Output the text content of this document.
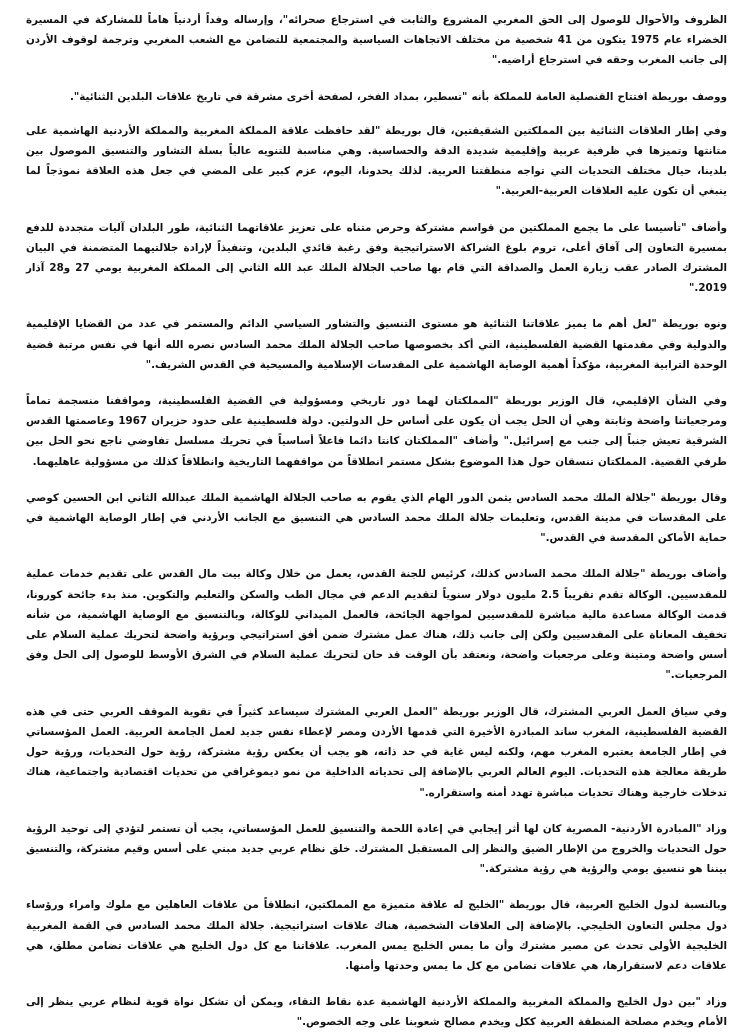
الظروف والأحوال للوصول إلى الحق المغربي المشروع والثابت في استرجاع صحرائه"، وإرساله وفداً أردنياً هاماً للمشاركة في المسيرة الخضراء عام 1975 يتكون من 41 شخصية من مختلف الاتجاهات السياسية والمجتمعية للتضامن مع الشعب المغربي وترجمة لوقوف الأردن إلى جانب المغرب وحقه في استرجاع أراضيه."

ووصف بوريطة افتتاح القنصلية العامة للمملكة بأنه "تسطير، بمداد الفخر، لصفحة أخرى مشرقة في تاريخ علاقات البلدين الثنائية".

وفي إطار العلاقات الثنائية بين المملكتين الشقيقتين، قال بوريطة "لقد حافظت علاقة المملكة المغربية والمملكة الأردنية الهاشمية على متانتها وتميزها في ظرفية عربية وإقليمية شديدة الدقة والحساسية. وهي مناسبة للتنويه عالياً بسلة التشاور والتنسيق الموصول بين بلدينا، حيال مختلف التحديات التي تواجه منطقتنا العربية. لذلك يحدونا، اليوم، عزم كبير على المضي في جعل هذه العلاقة نموذجاً لما ينبغي أن تكون عليه العلاقات العربية-العربية."

وأضاف "تأسيسا على ما يجمع المملكتين من قواسم مشتركة وحرص متناه على تعزيز علاقاتهما الثنائية، طور البلدان آليات متجددة للدفع بمسيرة التعاون إلى آفاق أعلى، تروم بلوغ الشراكة الاستراتيجية وفق رغبة قائدي البلدين، وتنفيذاً لإرادة جلالتيهما المتضمنة في البيان المشترك الصادر عقب زيارة العمل والصداقة التي قام بها صاحب الجلالة الملك عبد الله الثاني إلى المملكة المغربية يومي 27 و28 آذار 2019."

ونوه بوريطة "لعل أهم ما يميز علاقاتنا الثنائية هو مستوى التنسيق والتشاور السياسي الدائم والمستمر في عدد من القضايا الإقليمية والدولية وفي مقدمتها القضية الفلسطينية، التي أكد بخصوصها صاحب الجلالة الملك محمد السادس نصره الله أنها في نفس مرتبة قضية الوحدة الترابية المغربية، مؤكداً أهمية الوصاية الهاشمية على المقدسات الإسلامية والمسيحية في القدس الشريف."

وفي الشأن الإقليمي، قال الوزير بوريطة "المملكتان لهما دور تاريخي ومسؤولية في القضية الفلسطينية، ومواقفنا منسجمة تماماً ومرجعياتنا واضحة وثابتة وهي أن الحل يجب أن يكون على أساس حل الدولتين. دولة فلسطينية على حدود حزيران 1967 وعاصمتها القدس الشرقية تعيش جنباً إلى جنب مع إسرائيل." وأضاف "المملكتان كانتا دائما فاعلاً أساسياً في تحريك مسلسل تفاوضي ناجع نحو الحل بين طرفي القضية. المملكتان تنسقان حول هذا الموضوع بشكل مستمر انطلاقاً من مواقفهما التاريخية وانطلاقاً كذلك من مسؤولية عاهليهما.

وقال بوريطة "جلالة الملك محمد السادس يثمن الدور الهام الذي يقوم به صاحب الجلالة الهاشمية الملك عبدالله الثاني ابن الحسين كوصي على المقدسات في مدينة القدس، وتعليمات جلالة الملك محمد السادس هي التنسيق مع الجانب الأردني في إطار الوصاية الهاشمية في حماية الأماكن المقدسة في القدس."

وأضاف بوريطة "جلالة الملك محمد السادس كذلك، كرئيس للجنة القدس، يعمل من خلال وكالة بيت مال القدس على تقديم خدمات عملية للمقدسيين. الوكالة تقدم تقريباً 2.5 مليون دولار سنوياً لتقديم الدعم في مجال الطب والسكن والتعليم والتكوين. منذ بدء جائحة كورونا، قدمت الوكالة مساعدة مالية مباشرة للمقدسيين لمواجهة الجائحة، فالعمل الميداني للوكالة، وبالتنسيق مع الوصاية الهاشمية، من شأنه تخفيف المعاناة على المقدسيين ولكن إلى جانب ذلك، هناك عمل مشترك ضمن أفق استراتيجي وبرؤية واضحة لتحريك عملية السلام على أسس واضحة ومتينة وعلى مرجعيات واضحة، ونعتقد بأن الوقت قد حان لتحريك عملية السلام في الشرق الأوسط للوصول إلى الحل وفق المرجعيات."

وفي سياق العمل العربي المشترك، قال الوزير بوريطة "العمل العربي المشترك سيساعد كثيراً في تقوية الموقف العربي حتى في هذه القضية الفلسطينية، المغرب ساند المبادرة الأخيرة التي قدمها الأردن ومصر لإعطاء نفس جديد لعمل الجامعة العربية. العمل المؤسساتي في إطار الجامعة يعتبره المغرب مهم، ولكنه ليس غاية في حد ذاته، هو يجب أن يعكس رؤية مشتركة، رؤية حول التحديات، ورؤية حول طريقة معالجة هذه التحديات. اليوم العالم العربي بالإضافة إلى تحدياته الداخلية من نمو ديموغرافي من تحديات اقتصادية واجتماعية، هناك تدخلات خارجية وهناك تحديات مباشرة تهدد أمنه واستقراره."

وزاد "المبادرة الأردنية- المصرية كان لها أثر إيجابي في إعادة اللحمة والتنسيق للعمل المؤسساتي، يجب أن تستمر لتؤدي إلى توحيد الرؤية حول التحديات والخروج من الإطار الضيق والنظر إلى المستقبل المشترك. خلق نظام عربي جديد مبني على أسس وقيم مشتركة، والتنسيق بيننا هو تنسيق يومي والرؤية هي رؤية مشتركة."

وبالنسبة لدول الخليج العربية، قال بوريطة "الخليج له علاقة متميزة مع المملكتين، انطلاقاً من علاقات العاهلين مع ملوك وامراء ورؤساء دول مجلس التعاون الخليجي. بالإضافة إلى العلاقات الشخصية، هناك علاقات استراتيجية. جلالة الملك محمد السادس في القمة المغربية الخليجية الأولى تحدث عن مصير مشترك وأن ما يمس الخليج يمس المغرب. علاقاتنا مع كل دول الخليج هي علاقات تضامن مطلق، هي علاقات دعم لاستقرارها، هي علاقات تضامن مع كل ما يمس وحدتها وأمنها.

وزاد "بين دول الخليج والمملكة المغربية والمملكة الأردنية الهاشمية عدة نقاط التقاء، ويمكن أن تشكل نواة قوية لنظام عربي ينظر إلى الأمام ويخدم مصلحة المنطقة العربية ككل ويخدم مصالح شعوبنا على وجه الخصوص."
